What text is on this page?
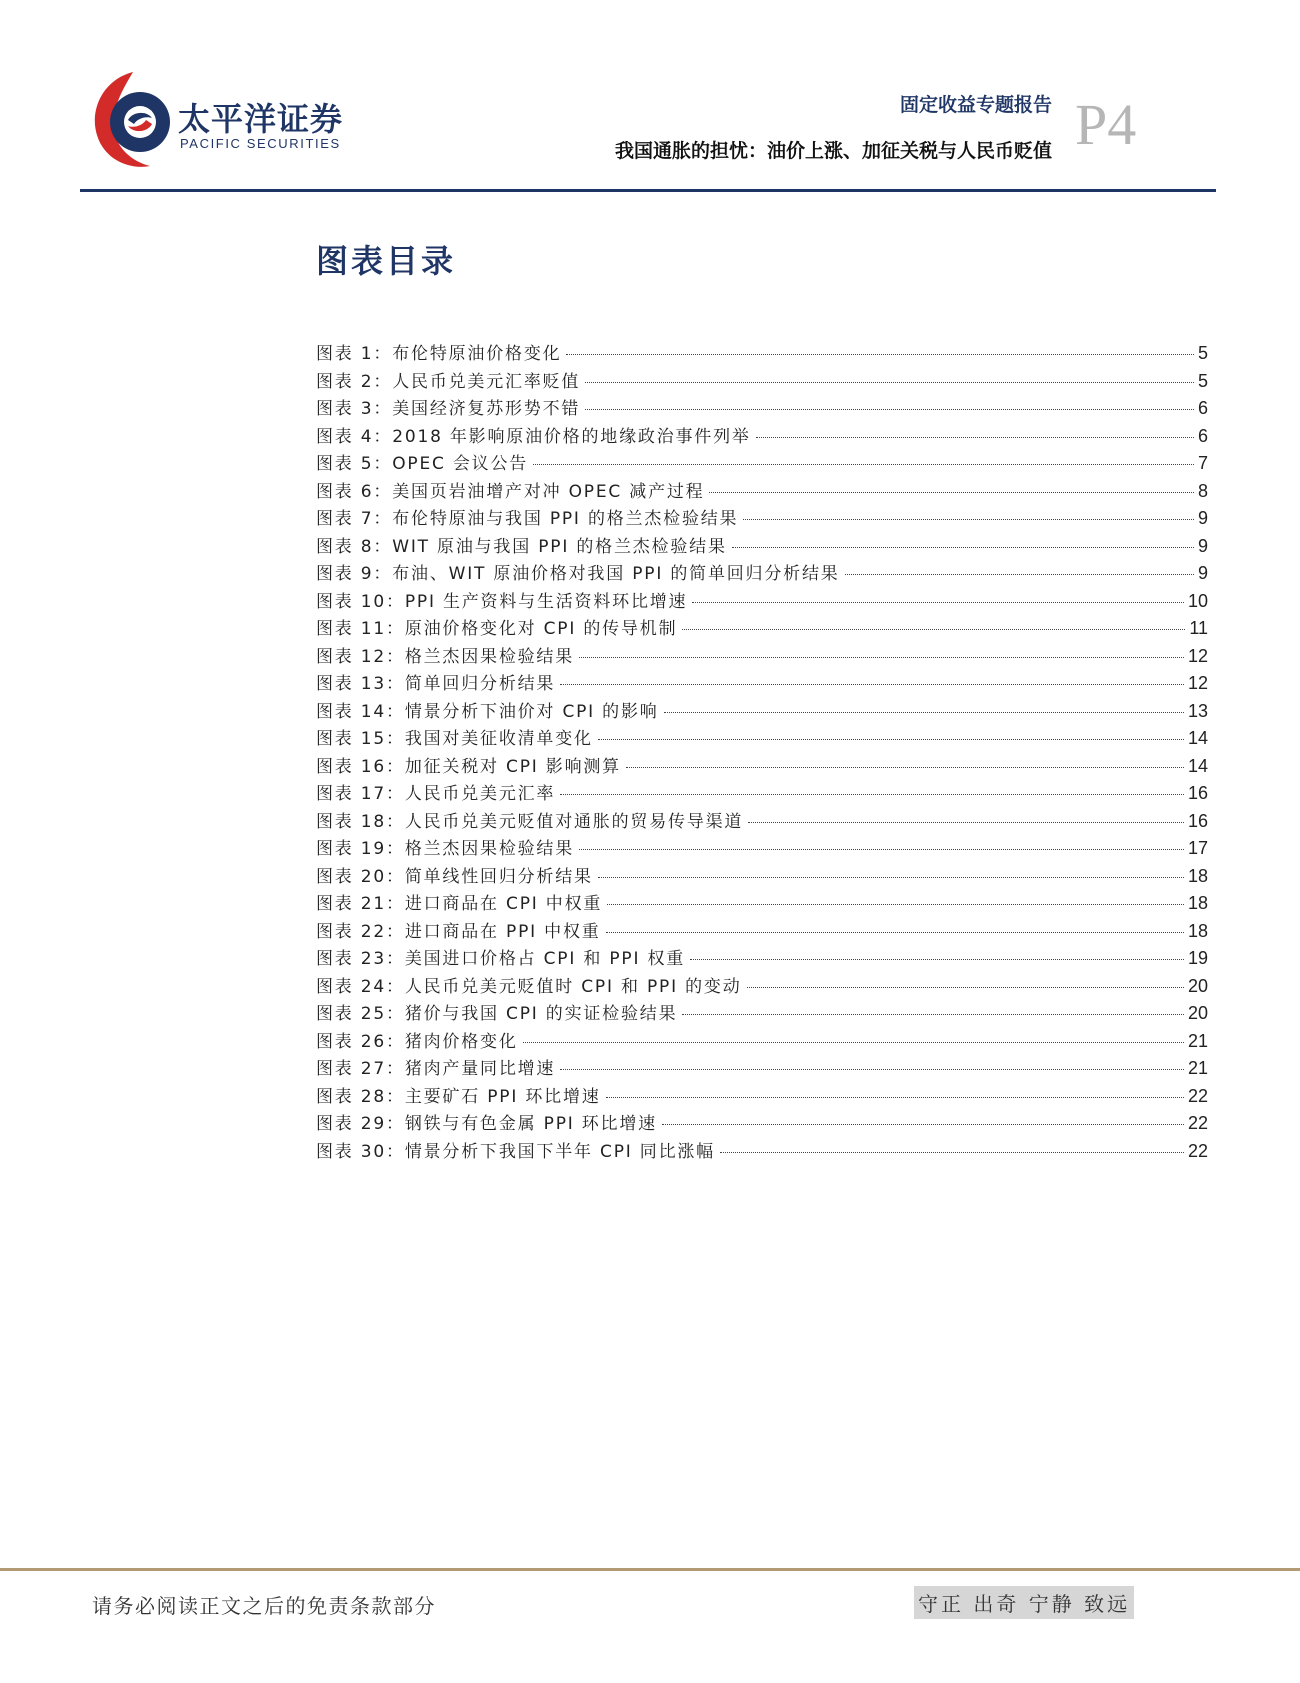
太平洋证券
PACIFIC SECURITIES
固定收益专题报告
我国通胀的担忧：油价上涨、加征关税与人民币贬值 P4
图表目录
图表 1：布伦特原油价格变化	5
图表 2：人民币兑美元汇率贬值	5
图表 3：美国经济复苏形势不错	6
图表 4：2018 年影响原油价格的地缘政治事件列举	6
图表 5：OPEC 会议公告	7
图表 6：美国页岩油增产对冲 OPEC 减产过程	8
图表 7：布伦特原油与我国 PPI 的格兰杰检验结果	9
图表 8：WIT 原油与我国 PPI 的格兰杰检验结果	9
图表 9：布油、WIT 原油价格对我国 PPI 的简单回归分析结果	9
图表 10：PPI 生产资料与生活资料环比增速	10
图表 11：原油价格变化对 CPI 的传导机制	11
图表 12：格兰杰因果检验结果	12
图表 13：简单回归分析结果	12
图表 14：情景分析下油价对 CPI 的影响	13
图表 15：我国对美征收清单变化	14
图表 16：加征关税对 CPI 影响测算	14
图表 17：人民币兑美元汇率	16
图表 18：人民币兑美元贬值对通胀的贸易传导渠道	16
图表 19：格兰杰因果检验结果	17
图表 20：简单线性回归分析结果	18
图表 21：进口商品在 CPI 中权重	18
图表 22：进口商品在 PPI 中权重	18
图表 23：美国进口价格占 CPI 和 PPI 权重	19
图表 24：人民币兑美元贬值时 CPI 和 PPI 的变动	20
图表 25：猪价与我国 CPI 的实证检验结果	20
图表 26：猪肉价格变化	21
图表 27：猪肉产量同比增速	21
图表 28：主要矿石 PPI 环比增速	22
图表 29：钢铁与有色金属 PPI 环比增速	22
图表 30：情景分析下我国下半年 CPI 同比涨幅	22
请务必阅读正文之后的免责条款部分	守正 出奇 宁静 致远
